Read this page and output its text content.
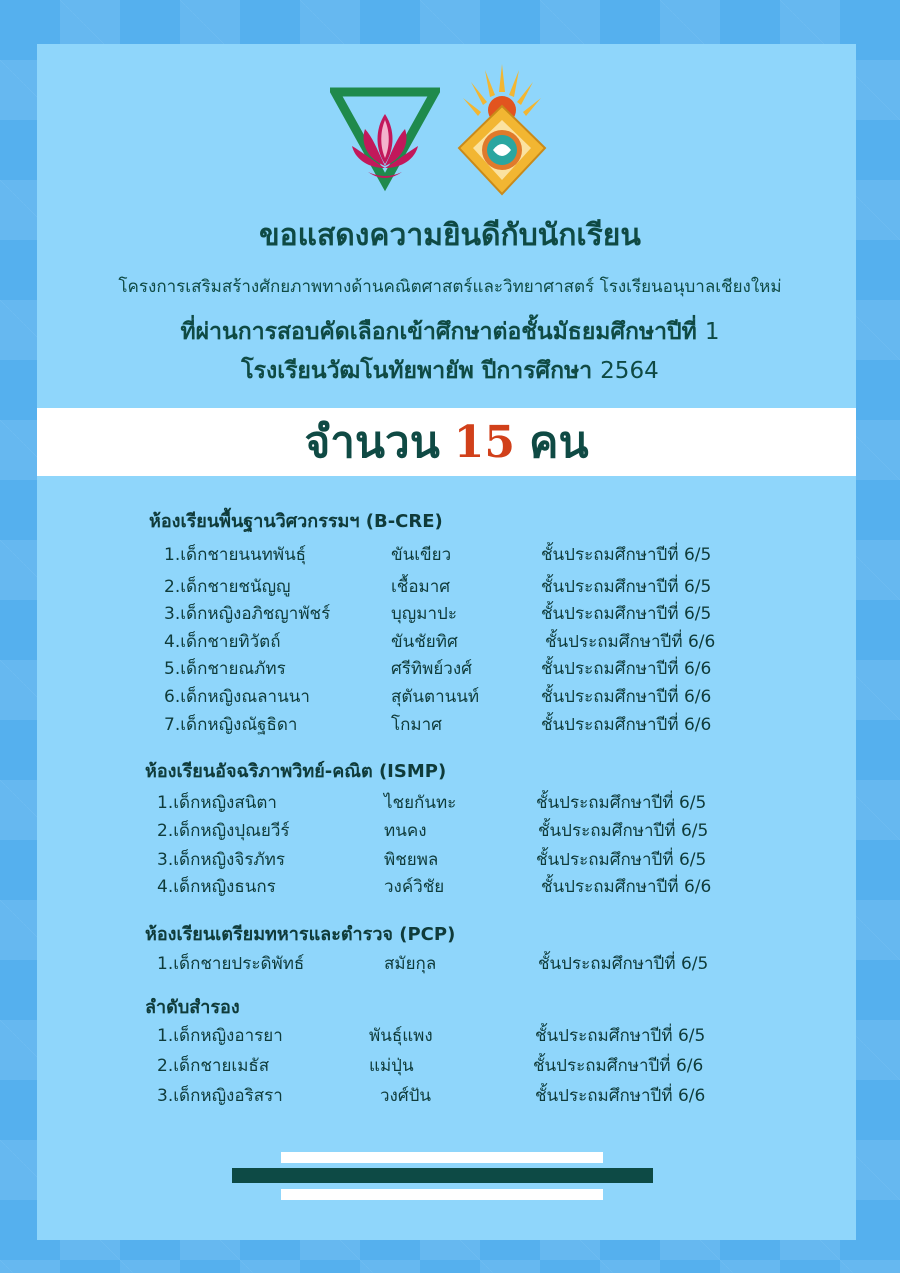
ขอแสดงความยินดีกับนักเรียน
โครงการเสริมสร้างศักยภาพทางด้านคณิตศาสตร์และวิทยาศาสตร์ โรงเรียนอนุบาลเชียงใหม่
ที่ผ่านการสอบคัดเลือกเข้าศึกษาต่อชั้นมัธยมศึกษาปีที่ 1
โรงเรียนวัฒโนทัยพายัพ ปีการศึกษา 2564
จำนวน 15 คน
ห้องเรียนพื้นฐานวิศวกรรมฯ (B-CRE)
1.เด็กชายนนทพันธุ์	ขันเขียว	ชั้นประถมศึกษาปีที่ 6/5
2.เด็กชายชนัญญู	เชื้อมาศ	ชั้นประถมศึกษาปีที่ 6/5
3.เด็กหญิงอภิชญาพัชร์	บุญมาปะ	ชั้นประถมศึกษาปีที่ 6/5
4.เด็กชายทิวัตถ์	ขันชัยทิศ	ชั้นประถมศึกษาปีที่ 6/6
5.เด็กชายณภัทร	ศรีทิพย์วงศ์	ชั้นประถมศึกษาปีที่ 6/6
6.เด็กหญิงณลานนา	สุตันตานนท์	ชั้นประถมศึกษาปีที่ 6/6
7.เด็กหญิงณัฐธิดา	โกมาศ	ชั้นประถมศึกษาปีที่ 6/6
ห้องเรียนอัจฉริภาพวิทย์-คณิต (ISMP)
1.เด็กหญิงสนิตา	ไชยกันทะ	ชั้นประถมศึกษาปีที่ 6/5
2.เด็กหญิงปุณยวีร์	ทนคง	ชั้นประถมศึกษาปีที่ 6/5
3.เด็กหญิงจิรภัทร	พิชยพล	ชั้นประถมศึกษาปีที่ 6/5
4.เด็กหญิงธนกร	วงค์วิชัย	ชั้นประถมศึกษาปีที่ 6/6
ห้องเรียนเตรียมทหารและตำรวจ (PCP)
1.เด็กชายประดิพัทธ์	สมัยกุล	ชั้นประถมศึกษาปีที่ 6/5
ลำดับสำรอง
1.เด็กหญิงอารยา	พันธุ์แพง	ชั้นประถมศึกษาปีที่ 6/5
2.เด็กชายเมธัส	แม่ปุ่น	ชั้นประถมศึกษาปีที่ 6/6
3.เด็กหญิงอริสรา	วงศ์ปัน	ชั้นประถมศึกษาปีที่ 6/6
